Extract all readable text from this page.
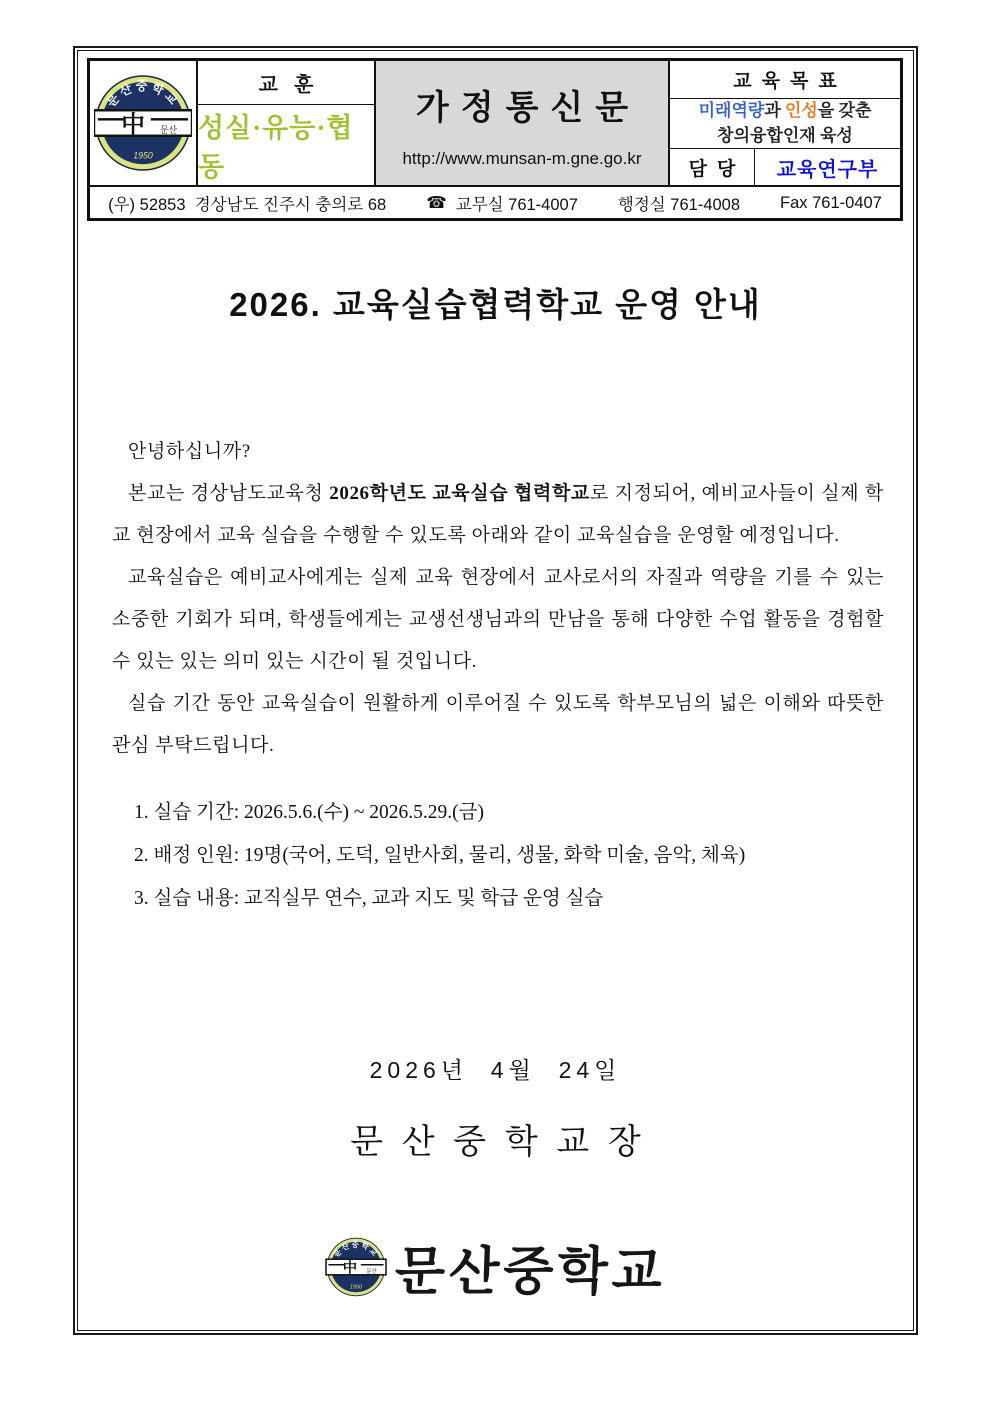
문산중학교
中 문산
1950
교훈
성실·유능·협동
가정통신문
http://www.munsan-m.gne.go.kr
교육목표
미래역량과 인성을 갖춘
창의융합인재 육성
담당	교육연구부
(우) 52853  경상남도 진주시 충의로 68 ☎ 교무실 761-4007 행정실 761-4008 Fax 761-0407
2026. 교육실습협력학교 운영 안내

안녕하십니까?

본교는 경상남도교육청 2026학년도 교육실습 협력학교로 지정되어, 예비교사들이 실제 학교 현장에서 교육 실습을 수행할 수 있도록 아래와 같이 교육실습을 운영할 예정입니다.

교육실습은 예비교사에게는 실제 교육 현장에서 교사로서의 자질과 역량을 기를 수 있는 소중한 기회가 되며, 학생들에게는 교생선생님과의 만남을 통해 다양한 수업 활동을 경험할 수 있는 있는 의미 있는 시간이 될 것입니다.

실습 기간 동안 교육실습이 원활하게 이루어질 수 있도록 학부모님의 넓은 이해와 따뜻한 관심 부탁드립니다.

1. 실습 기간: 2026.5.6.(수) ~ 2026.5.29.(금)
2. 배정 인원: 19명(국어, 도덕, 일반사회, 물리, 생물, 화학 미술, 음악, 체육)
3. 실습 내용: 교직실무 연수, 교과 지도 및 학급 운영 실습
2026년  4월  24일
문산중학교장
문산중학교
中 문산
1950 문산중학교
